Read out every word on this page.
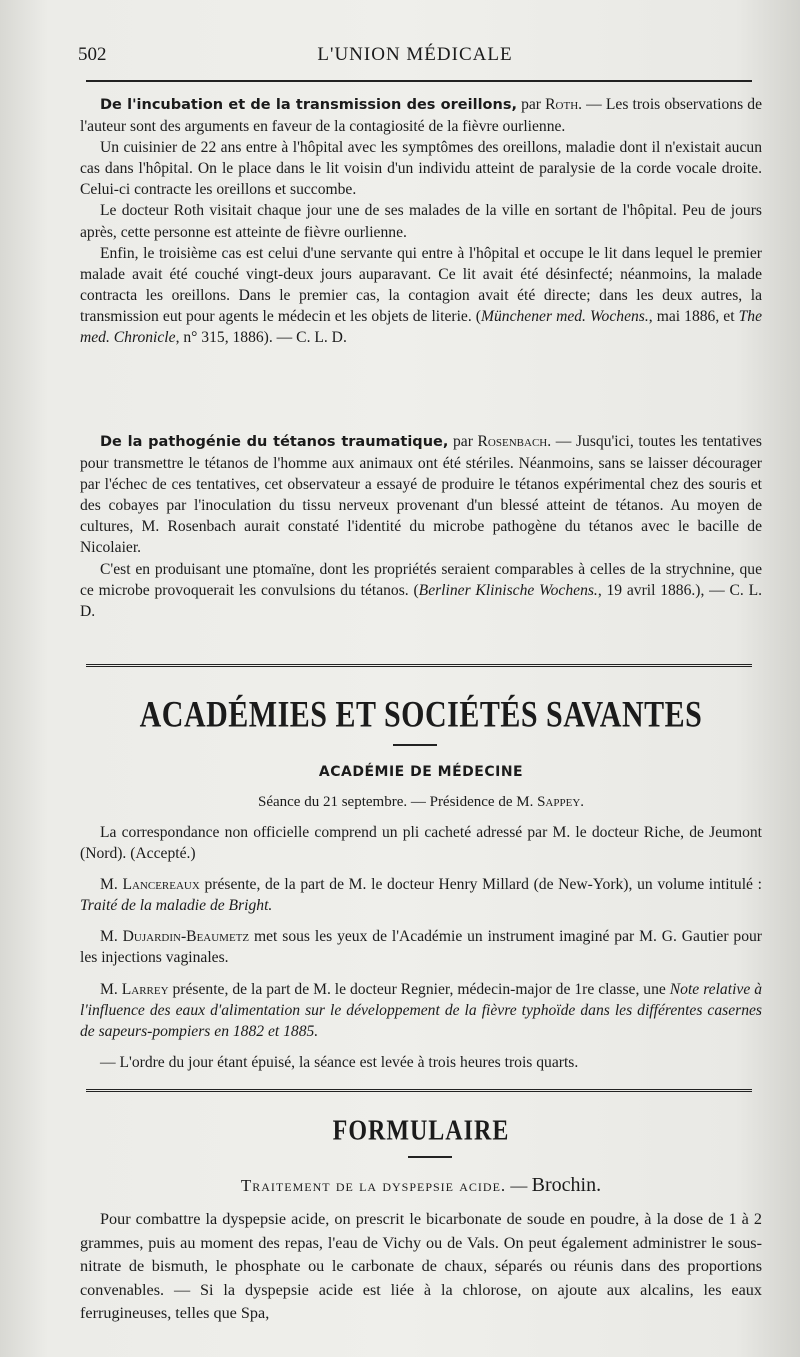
502	L'UNION MÉDICALE

De l'incubation et de la transmission des oreillons, par Roth. — Les trois observations de l'auteur sont des arguments en faveur de la contagiosité de la fièvre ourlienne.

Un cuisinier de 22 ans entre à l'hôpital avec les symptômes des oreillons, maladie dont il n'existait aucun cas dans l'hôpital. On le place dans le lit voisin d'un individu atteint de paralysie de la corde vocale droite. Celui-ci contracte les oreillons et succombe.

Le docteur Roth visitait chaque jour une de ses malades de la ville en sortant de l'hôpital. Peu de jours après, cette personne est atteinte de fièvre ourlienne.

Enfin, le troisième cas est celui d'une servante qui entre à l'hôpital et occupe le lit dans lequel le premier malade avait été couché vingt-deux jours auparavant. Ce lit avait été désinfecté; néanmoins, la malade contracta les oreillons. Dans le premier cas, la contagion avait été directe; dans les deux autres, la transmission eut pour agents le médecin et les objets de literie. (Münchener med. Wochens., mai 1886, et The med. Chronicle, n° 315, 1886). — C. L. D.

De la pathogénie du tétanos traumatique, par Rosenbach. — Jusqu'ici, toutes les tentatives pour transmettre le tétanos de l'homme aux animaux ont été stériles. Néanmoins, sans se laisser décourager par l'échec de ces tentatives, cet observateur a essayé de produire le tétanos expérimental chez des souris et des cobayes par l'inoculation du tissu nerveux provenant d'un blessé atteint de tétanos. Au moyen de cultures, M. Rosenbach aurait constaté l'identité du microbe pathogène du tétanos avec le bacille de Nicolaier.

C'est en produisant une ptomaïne, dont les propriétés seraient comparables à celles de la strychnine, que ce microbe provoquerait les convulsions du tétanos. (Berliner Klinische Wochens., 19 avril 1886.), — C. L. D.

ACADÉMIES ET SOCIÉTÉS SAVANTES
ACADÉMIE DE MÉDECINE
Séance du 21 septembre. — Présidence de M. Sappey.

La correspondance non officielle comprend un pli cacheté adressé par M. le docteur Riche, de Jeumont (Nord). (Accepté.)

M. Lancereaux présente, de la part de M. le docteur Henry Millard (de New-York), un volume intitulé : Traité de la maladie de Bright.

M. Dujardin-Beaumetz met sous les yeux de l'Académie un instrument imaginé par M. G. Gautier pour les injections vaginales.

M. Larrey présente, de la part de M. le docteur Regnier, médecin-major de 1re classe, une Note relative à l'influence des eaux d'alimentation sur le développement de la fièvre typhoïde dans les différentes casernes de sapeurs-pompiers en 1882 et 1885.

— L'ordre du jour étant épuisé, la séance est levée à trois heures trois quarts.

FORMULAIRE
Traitement de la dyspepsie acide. — Brochin.

Pour combattre la dyspepsie acide, on prescrit le bicarbonate de soude en poudre, à la dose de 1 à 2 grammes, puis au moment des repas, l'eau de Vichy ou de Vals. On peut également administrer le sous-nitrate de bismuth, le phosphate ou le carbonate de chaux, séparés ou réunis dans des proportions convenables. — Si la dyspepsie acide est liée à la chlorose, on ajoute aux alcalins, les eaux ferrugineuses, telles que Spa,
